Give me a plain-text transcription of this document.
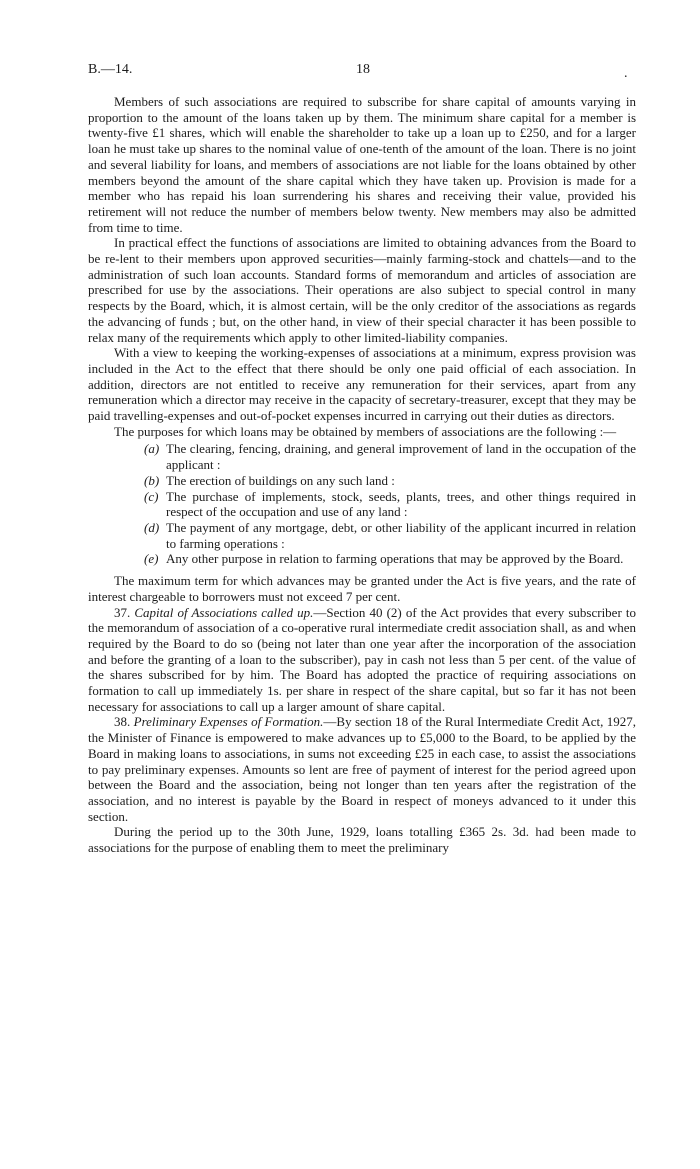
B.—14.	18	.

Members of such associations are required to subscribe for share capital of amounts varying in proportion to the amount of the loans taken up by them. The minimum share capital for a member is twenty-five £1 shares, which will enable the shareholder to take up a loan up to £250, and for a larger loan he must take up shares to the nominal value of one-tenth of the amount of the loan. There is no joint and several liability for loans, and members of associations are not liable for the loans obtained by other members beyond the amount of the share capital which they have taken up. Provision is made for a member who has repaid his loan surrendering his shares and receiving their value, provided his retirement will not reduce the number of members below twenty. New members may also be admitted from time to time.

In practical effect the functions of associations are limited to obtaining advances from the Board to be re-lent to their members upon approved securities—mainly farming-stock and chattels—and to the administration of such loan accounts. Standard forms of memorandum and articles of association are prescribed for use by the associations. Their operations are also subject to special control in many respects by the Board, which, it is almost certain, will be the only creditor of the associations as regards the advancing of funds ; but, on the other hand, in view of their special character it has been possible to relax many of the requirements which apply to other limited-liability companies.

With a view to keeping the working-expenses of associations at a minimum, express provision was included in the Act to the effect that there should be only one paid official of each association. In addition, directors are not entitled to receive any remuneration for their services, apart from any remuneration which a director may receive in the capacity of secretary-treasurer, except that they may be paid travelling-expenses and out-of-pocket expenses incurred in carrying out their duties as directors.

The purposes for which loans may be obtained by members of associations are the following :—

(a) The clearing, fencing, draining, and general improvement of land in the occupation of the applicant :
(b) The erection of buildings on any such land :
(c) The purchase of implements, stock, seeds, plants, trees, and other things required in respect of the occupation and use of any land :
(d) The payment of any mortgage, debt, or other liability of the applicant incurred in relation to farming operations :
(e) Any other purpose in relation to farming operations that may be approved by the Board.

The maximum term for which advances may be granted under the Act is five years, and the rate of interest chargeable to borrowers must not exceed 7 per cent.

37. Capital of Associations called up.—Section 40 (2) of the Act provides that every subscriber to the memorandum of association of a co-operative rural intermediate credit association shall, as and when required by the Board to do so (being not later than one year after the incorporation of the association and before the granting of a loan to the subscriber), pay in cash not less than 5 per cent. of the value of the shares subscribed for by him. The Board has adopted the practice of requiring associations on formation to call up immediately 1s. per share in respect of the share capital, but so far it has not been necessary for associations to call up a larger amount of share capital.

38. Preliminary Expenses of Formation.—By section 18 of the Rural Intermediate Credit Act, 1927, the Minister of Finance is empowered to make advances up to £5,000 to the Board, to be applied by the Board in making loans to associations, in sums not exceeding £25 in each case, to assist the associations to pay preliminary expenses. Amounts so lent are free of payment of interest for the period agreed upon between the Board and the association, being not longer than ten years after the registration of the association, and no interest is payable by the Board in respect of moneys advanced to it under this section.

During the period up to the 30th June, 1929, loans totalling £365 2s. 3d. had been made to associations for the purpose of enabling them to meet the preliminary
